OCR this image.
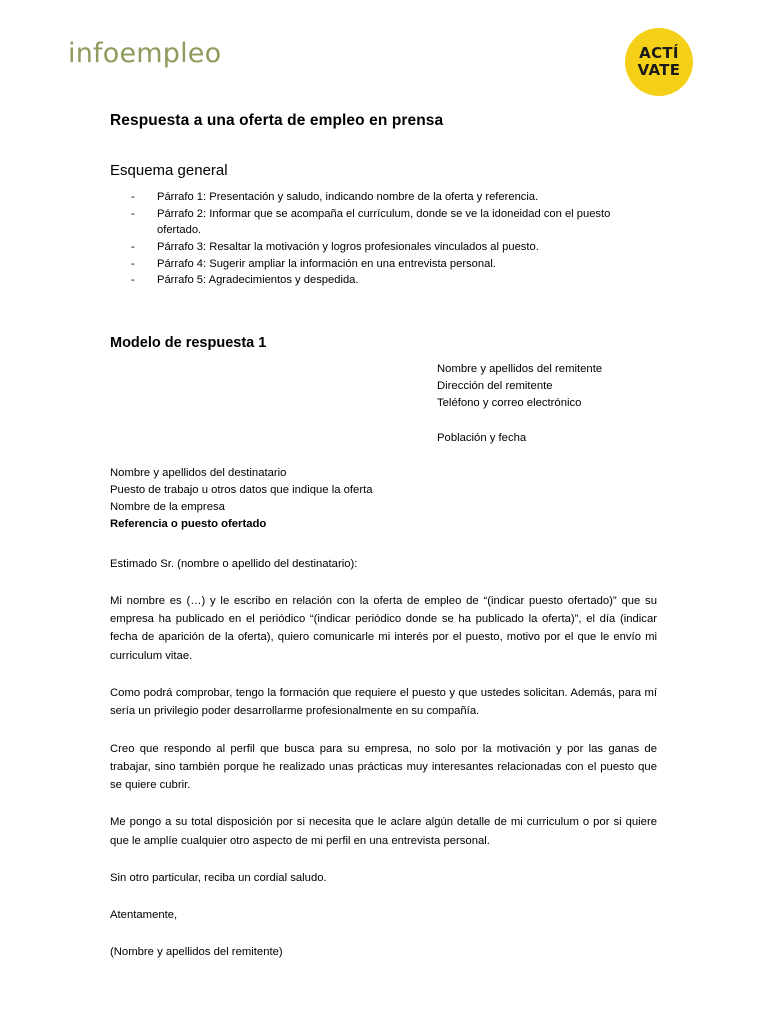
infoempleo	ACTÍ
VATE
Respuesta a una oferta de empleo en prensa
Esquema general
- Párrafo 1: Presentación y saludo, indicando nombre de la oferta y referencia.
- Párrafo 2: Informar que se acompaña el currículum, donde se ve la idoneidad con el puesto ofertado.
- Párrafo 3: Resaltar la motivación y logros profesionales vinculados al puesto.
- Párrafo 4: Sugerir ampliar la información en una entrevista personal.
- Párrafo 5: Agradecimientos y despedida.
Modelo de respuesta 1
Nombre y apellidos del remitente
Dirección del remitente
Teléfono y correo electrónico
Población y fecha
Nombre y apellidos del destinatario
Puesto de trabajo u otros datos que indique la oferta
Nombre de la empresa
Referencia o puesto ofertado
Estimado Sr. (nombre o apellido del destinatario):

Mi nombre es (…) y le escribo en relación con la oferta de empleo de “(indicar puesto ofertado)” que su empresa ha publicado en el periódico “(indicar periódico donde se ha publicado la oferta)”, el día (indicar fecha de aparición de la oferta), quiero comunicarle mi interés por el puesto, motivo por el que le envío mi curriculum vitae.

Como podrá comprobar, tengo la formación que requiere el puesto y que ustedes solicitan. Además, para mí sería un privilegio poder desarrollarme profesionalmente en su compañía.

Creo que respondo al perfil que busca para su empresa, no solo por la motivación y por las ganas de trabajar, sino también porque he realizado unas prácticas muy interesantes relacionadas con el puesto que se quiere cubrir.

Me pongo a su total disposición por si necesita que le aclare algún detalle de mi curriculum o por si quiere que le amplíe cualquier otro aspecto de mi perfil en una entrevista personal.

Sin otro particular, reciba un cordial saludo.

Atentamente,

(Nombre y apellidos del remitente)
